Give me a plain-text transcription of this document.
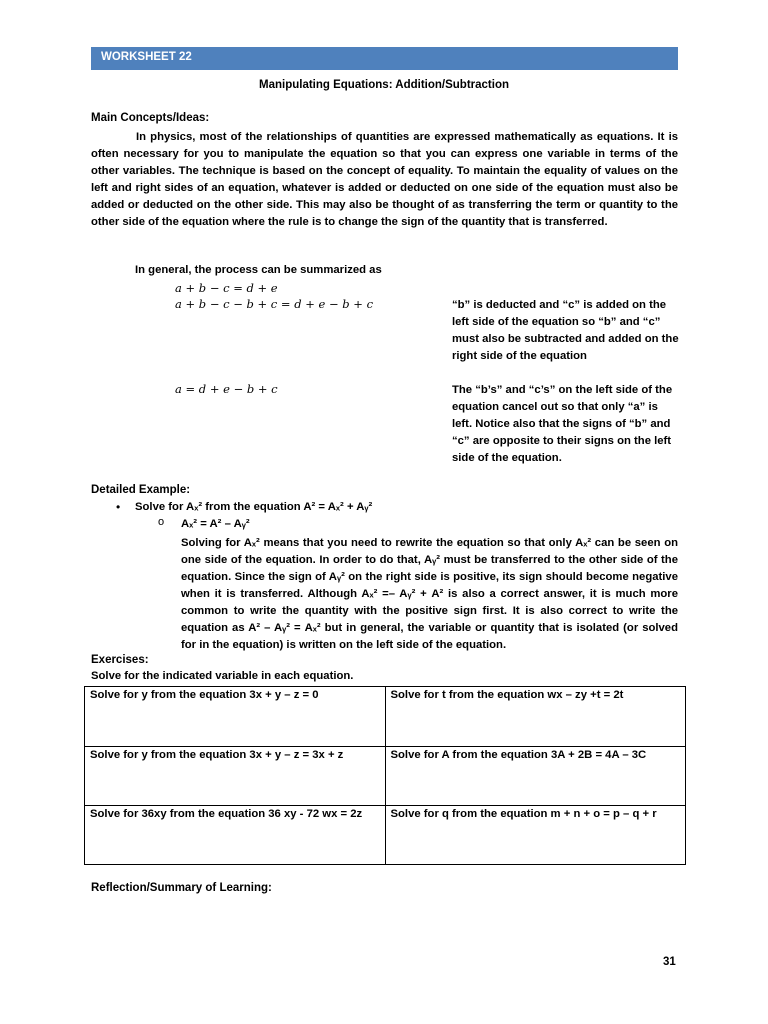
WORKSHEET 22
Manipulating Equations: Addition/Subtraction
Main Concepts/Ideas:
In physics, most of the relationships of quantities are expressed mathematically as equations. It is often necessary for you to manipulate the equation so that you can express one variable in terms of the other variables. The technique is based on the concept of equality. To maintain the equality of values on the left and right sides of an equation, whatever is added or deducted on one side of the equation must also be added or deducted on the other side. This may also be thought of as transferring the term or quantity to the other side of the equation where the rule is to change the sign of the quantity that is transferred.
In general, the process can be summarized as
a + b − c = d + e
a + b − c − b + c = d + e − b + c	“b” is deducted and “c” is added on the left side of the equation so “b” and “c” must also be subtracted and added on the right side of the equation
a = d + e − b + c	The “b’s” and “c’s” on the left side of the equation cancel out so that only “a” is left. Notice also that the signs of “b” and “c” are opposite to their signs on the left side of the equation.
Detailed Example:
• Solve for Aₓ² from the equation A² = Aₓ² + Aᵧ²
o Aₓ² = A² – Aᵧ²
Solving for Aₓ² means that you need to rewrite the equation so that only Aₓ² can be seen on one side of the equation. In order to do that, Aᵧ² must be transferred to the other side of the equation. Since the sign of Aᵧ² on the right side is positive, its sign should become negative when it is transferred. Although Aₓ² =– Aᵧ² + A² is also a correct answer, it is much more common to write the quantity with the positive sign first. It is also correct to write the equation as A² – Aᵧ² = Aₓ² but in general, the variable or quantity that is isolated (or solved for in the equation) is written on the left side of the equation.
Exercises:
Solve for the indicated variable in each equation.
Solve for y from the equation 3x + y – z = 0	Solve for t from the equation wx – zy +t = 2t
Solve for y from the equation 3x + y – z = 3x + z	Solve for A from the equation 3A + 2B = 4A – 3C
Solve for 36xy from the equation 36 xy - 72 wx = 2z	Solve for q from the equation m + n + o = p – q + r
Reflection/Summary of Learning:
31
